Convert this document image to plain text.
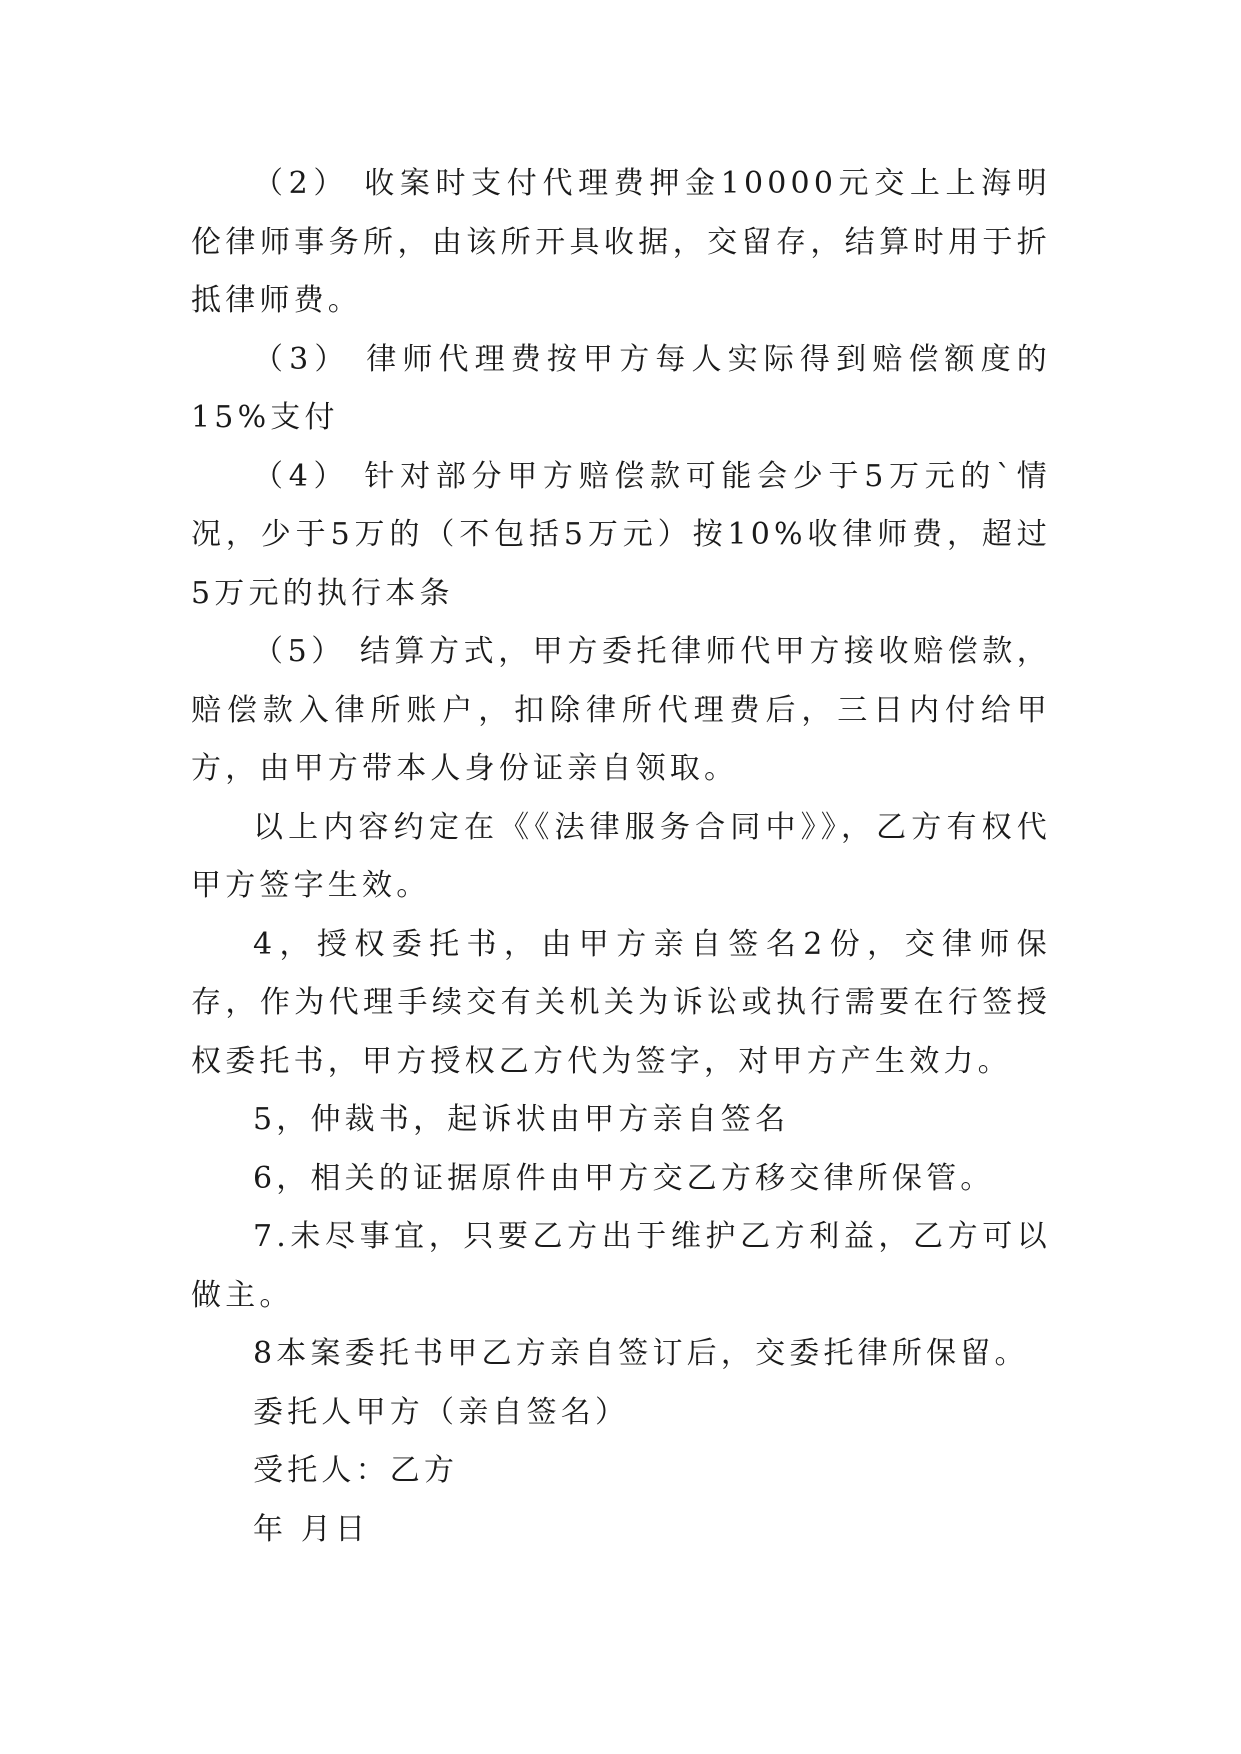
（2） 收案时支付代理费押金10000元交上上海明伦律师事务所，由该所开具收据，交留存，结算时用于折抵律师费。

（3） 律师代理费按甲方每人实际得到赔偿额度的15%支付

（4） 针对部分甲方赔偿款可能会少于5万元的`情况，少于5万的（不包括5万元）按10%收律师费，超过5万元的执行本条

（5） 结算方式，甲方委托律师代甲方接收赔偿款，赔偿款入律所账户，扣除律所代理费后，三日内付给甲方，由甲方带本人身份证亲自领取。

以上内容约定在《《法律服务合同中》》，乙方有权代甲方签字生效。

4，授权委托书，由甲方亲自签名2份，交律师保存，作为代理手续交有关机关为诉讼或执行需要在行签授权委托书，甲方授权乙方代为签字，对甲方产生效力。

5，仲裁书，起诉状由甲方亲自签名

6，相关的证据原件由甲方交乙方移交律所保管。

7.未尽事宜，只要乙方出于维护乙方利益，乙方可以做主。

8本案委托书甲乙方亲自签订后，交委托律所保留。

委托人甲方（亲自签名）

受托人：乙方

年 月日
